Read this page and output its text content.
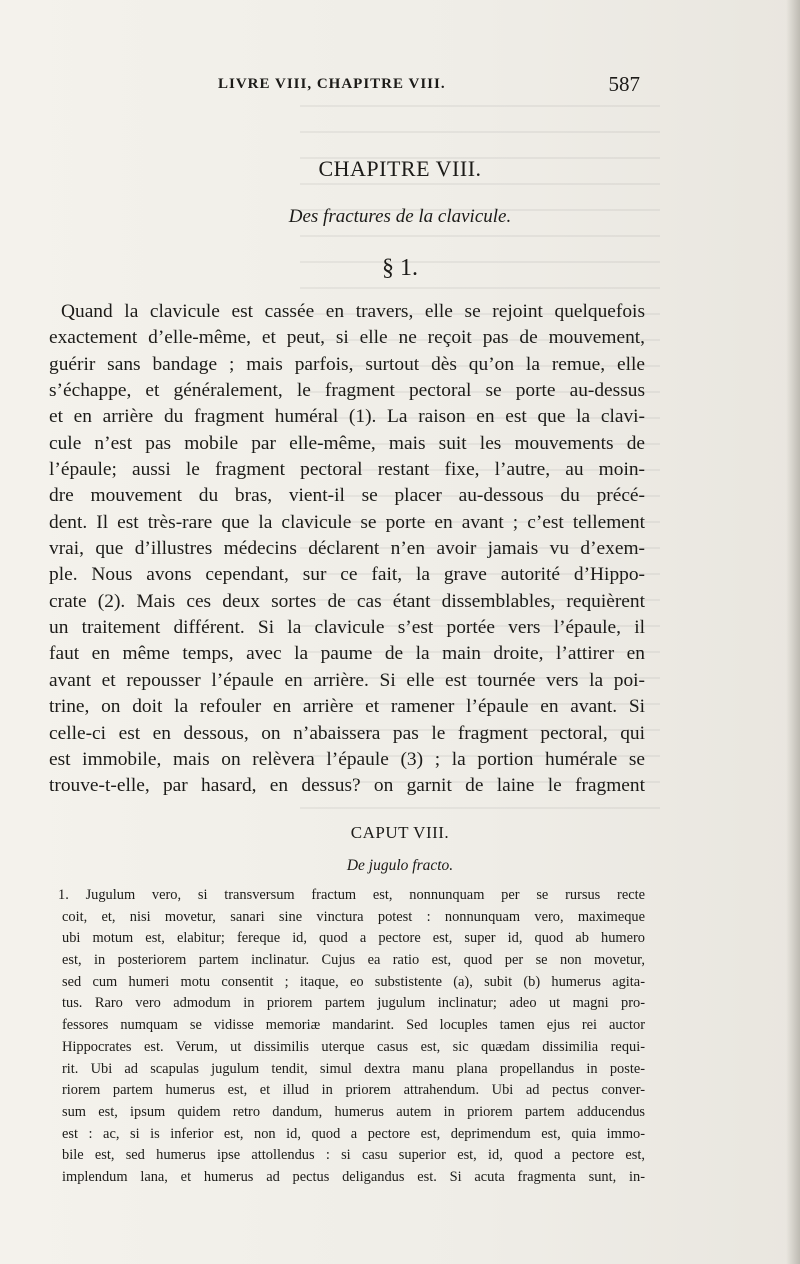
LIVRE VIII, CHAPITRE VIII.	587
CHAPITRE VIII.
Des fractures de la clavicule.
§ 1.
Quand la clavicule est cassée en travers, elle se rejoint quelquefois
exactement d’elle-même, et peut, si elle ne reçoit pas de mouvement,
guérir sans bandage ; mais parfois, surtout dès qu’on la remue, elle
s’échappe, et généralement, le fragment pectoral se porte au-dessus
et en arrière du fragment huméral (1). La raison en est que la clavi-
cule n’est pas mobile par elle-même, mais suit les mouvements de
l’épaule; aussi le fragment pectoral restant fixe, l’autre, au moin-
dre mouvement du bras, vient-il se placer au-dessous du précé-
dent. Il est très-rare que la clavicule se porte en avant ; c’est tellement
vrai, que d’illustres médecins déclarent n’en avoir jamais vu d’exem-
ple. Nous avons cependant, sur ce fait, la grave autorité d’Hippo-
crate (2). Mais ces deux sortes de cas étant dissemblables, requièrent
un traitement différent. Si la clavicule s’est portée vers l’épaule, il
faut en même temps, avec la paume de la main droite, l’attirer en
avant et repousser l’épaule en arrière. Si elle est tournée vers la poi-
trine, on doit la refouler en arrière et ramener l’épaule en avant. Si
celle-ci est en dessous, on n’abaissera pas le fragment pectoral, qui
est immobile, mais on relèvera l’épaule (3) ; la portion humérale se
trouve-t-elle, par hasard, en dessus? on garnit de laine le fragment
CAPUT VIII.
De jugulo fracto.
1. Jugulum vero, si transversum fractum est, nonnunquam per se rursus recte
coit, et, nisi movetur, sanari sine vinctura potest : nonnunquam vero, maximeque
ubi motum est, elabitur; fereque id, quod a pectore est, super id, quod ab humero
est, in posteriorem partem inclinatur. Cujus ea ratio est, quod per se non movetur,
sed cum humeri motu consentit ; itaque, eo substistente (a), subit (b) humerus agita-
tus. Raro vero admodum in priorem partem jugulum inclinatur; adeo ut magni pro-
fessores numquam se vidisse memoriæ mandarint. Sed locuples tamen ejus rei auctor
Hippocrates est. Verum, ut dissimilis uterque casus est, sic quædam dissimilia requi-
rit. Ubi ad scapulas jugulum tendit, simul dextra manu plana propellandus in poste-
riorem partem humerus est, et illud in priorem attrahendum. Ubi ad pectus conver-
sum est, ipsum quidem retro dandum, humerus autem in priorem partem adducendus
est : ac, si is inferior est, non id, quod a pectore est, deprimendum est, quia immo-
bile est, sed humerus ipse attollendus : si casu superior est, id, quod a pectore est,
implendum lana, et humerus ad pectus deligandus est. Si acuta fragmenta sunt, in-
